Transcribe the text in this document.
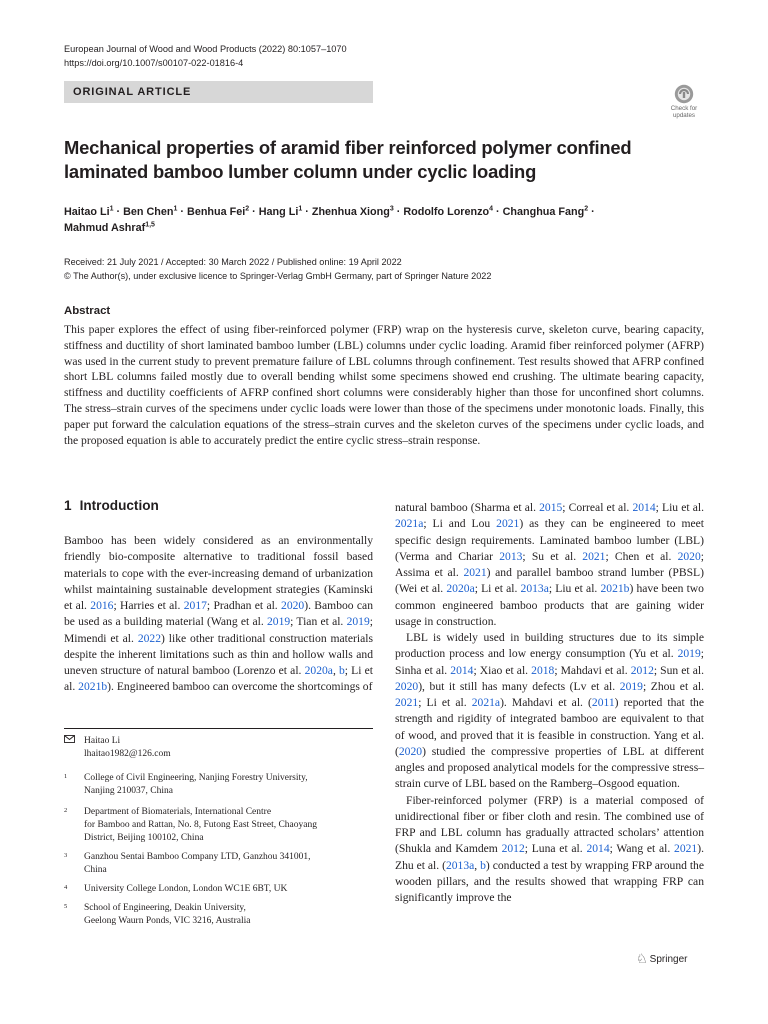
European Journal of Wood and Wood Products (2022) 80:1057–1070
https://doi.org/10.1007/s00107-022-01816-4
ORIGINAL ARTICLE
Check for
updates
Mechanical properties of aramid fiber reinforced polymer confined
laminated bamboo lumber column under cyclic loading
Haitao $Li^1$ · Ben Chen$^1$ · Benhua Fei$^2$ · Hang $Li^1$ · Zhenhua Xiong$^3$ · Rodolfo Lorenzo$^4$ · Changhua Fang$^2$ ·
Mahmud Ashraf$^{1,5}$
Received: 21 July 2021 / Accepted: 30 March 2022 / Published online: 19 April 2022
© The Author(s), under exclusive licence to Springer-Verlag GmbH Germany, part of Springer Nature 2022
Abstract
This paper explores the effect of using fiber-reinforced polymer (FRP) wrap on the hysteresis curve, skeleton curve, bearing capacity, stiffness and ductility of short laminated bamboo lumber (LBL) columns under cyclic loading. Aramid fiber reinforced polymer (AFRP) was used in the current study to prevent premature failure of LBL columns through confinement. Test results showed that AFRP confined short LBL columns failed mostly due to overall bending whilst some specimens showed end crushing. The ultimate bearing capacity, stiffness and ductility coefficients of AFRP confined short columns were considerably higher than those for unconfined short columns. The stress–strain curves of the specimens under cyclic loads were lower than those of the specimens under monotonic loads. Finally, this paper put forward the calculation equations of the stress–strain curves and the skeleton curves of the specimens under cyclic loads, and the proposed equation is able to accurately predict the entire cyclic stress–strain response.
1 Introduction

Bamboo has been widely considered as an environmentally friendly bio-composite alternative to traditional fossil based materials to cope with the ever-increasing demand of urbanization whilst maintaining sustainable development strategies (Kaminski et al. 2016; Harries et al. 2017; Pradhan et al. 2020). Bamboo can be used as a building material (Wang et al. 2019; Tian et al. 2019; Mimendi et al. 2022) like other traditional construction materials despite the inherent limitations such as thin and hollow walls and uneven structure of natural bamboo (Lorenzo et al. 2020a, b; Li et al. 2021b). Engineered bamboo can overcome the shortcomings of

natural bamboo (Sharma et al. 2015; Correal et al. 2014; Liu et al. 2021a; Li and Lou 2021) as they can be engineered to meet specific design requirements. Laminated bamboo lumber (LBL) (Verma and Chariar 2013; Su et al. 2021; Chen et al. 2020; Assima et al. 2021) and parallel bamboo strand lumber (PBSL) (Wei et al. 2020a; Li et al. 2013a; Liu et al. 2021b) have been two common engineered bamboo products that are gaining wider usage in construction.

LBL is widely used in building structures due to its simple production process and low energy consumption (Yu et al. 2019; Sinha et al. 2014; Xiao et al. 2018; Mahdavi et al. 2012; Sun et al. 2020), but it still has many defects (Lv et al. 2019; Zhou et al. 2021; Li et al. 2021a). Mahdavi et al. (2011) reported that the strength and rigidity of integrated bamboo are equivalent to that of wood, and proved that it is feasible in construction. Yang et al. (2020) studied the compressive properties of LBL at different angles and proposed analytical models for the compressive stress–strain curve of LBL based on the Ramberg–Osgood equation.

Fiber-reinforced polymer (FRP) is a material composed of unidirectional fiber or fiber cloth and resin. The combined use of FRP and LBL column has gradually attracted scholars’ attention (Shukla and Kamdem 2012; Luna et al. 2014; Wang et al. 2021). Zhu et al. (2013a, b) conducted a test by wrapping FRP around the wooden pillars, and the results showed that wrapping FRP can significantly improve the

Haitao Li
lhaitao1982@126.com
1 College of Civil Engineering, Nanjing Forestry University,
Nanjing 210037, China
2 Department of Biomaterials, International Centre
for Bamboo and Rattan, No. 8, Futong East Street, Chaoyang
District, Beijing 100102, China
3 Ganzhou Sentai Bamboo Company LTD, Ganzhou 341001,
China
4 University College London, London WC1E 6BT, UK
5 School of Engineering, Deakin University,
Geelong Waurn Ponds, VIC 3216, Australia
♘ Springer
